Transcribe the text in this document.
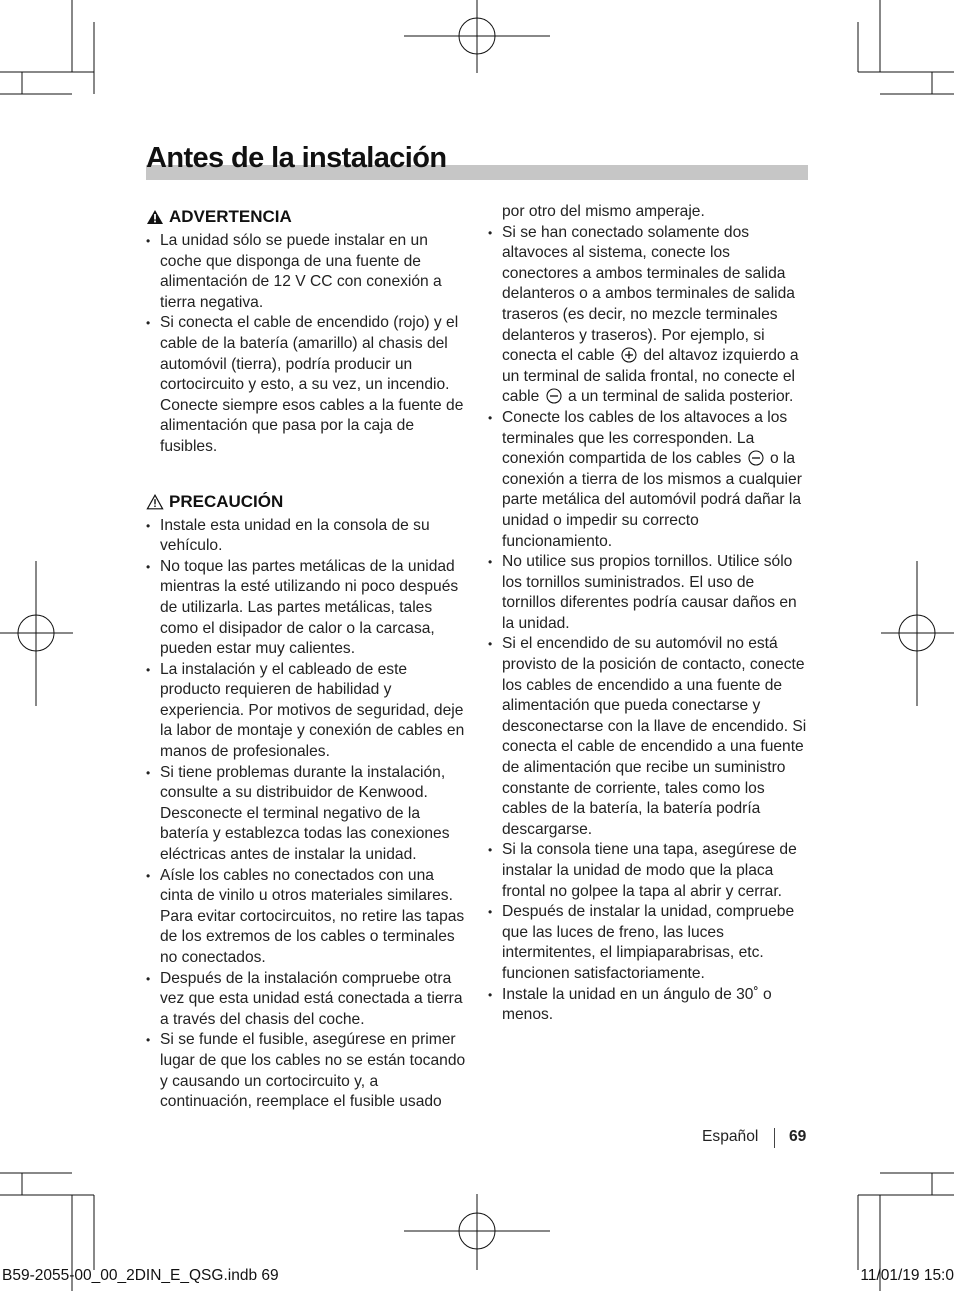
Antes de la instalación
ADVERTENCIA
• La unidad sólo se puede instalar en un coche que disponga de una fuente de alimentación de 12 V CC con conexión a tierra negativa.
• Si conecta el cable de encendido (rojo) y el cable de la batería (amarillo) al chasis del automóvil (tierra), podría producir un cortocircuito y esto, a su vez, un incendio. Conecte siempre esos cables a la fuente de alimentación que pasa por la caja de fusibles.
PRECAUCIÓN
• Instale esta unidad en la consola de su vehículo.
• No toque las partes metálicas de la unidad mientras la esté utilizando ni poco después de utilizarla. Las partes metálicas, tales como el disipador de calor o la carcasa, pueden estar muy calientes.
• La instalación y el cableado de este producto requieren de habilidad y experiencia. Por motivos de seguridad, deje la labor de montaje y conexión de cables en manos de profesionales.
• Si tiene problemas durante la instalación, consulte a su distribuidor de Kenwood. Desconecte el terminal negativo de la batería y establezca todas las conexiones eléctricas antes de instalar la unidad.
• Aísle los cables no conectados con una cinta de vinilo u otros materiales similares. Para evitar cortocircuitos, no retire las tapas de los extremos de los cables o terminales no conectados.
• Después de la instalación compruebe otra vez que esta unidad está conectada a tierra a través del chasis del coche.
• Si se funde el fusible, asegúrese en primer lugar de que los cables no se están tocando y causando un cortocircuito y, a continuación, reemplace el fusible usado
por otro del mismo amperaje.
• Si se han conectado solamente dos altavoces al sistema, conecte los conectores a ambos terminales de salida delanteros o a ambos terminales de salida traseros (es decir, no mezcle terminales delanteros y traseros). Por ejemplo, si conecta el cable del altavoz izquierdo a un terminal de salida frontal, no conecte el cable a un terminal de salida posterior.
• Conecte los cables de los altavoces a los terminales que les corresponden. La conexión compartida de los cables o la conexión a tierra de los mismos a cualquier parte metálica del automóvil podrá dañar la unidad o impedir su correcto funcionamiento.
• No utilice sus propios tornillos. Utilice sólo los tornillos suministrados. El uso de tornillos diferentes podría causar daños en la unidad.
• Si el encendido de su automóvil no está provisto de la posición de contacto, conecte los cables de encendido a una fuente de alimentación que pueda conectarse y desconectarse con la llave de encendido. Si conecta el cable de encendido a una fuente de alimentación que recibe un suministro constante de corriente, tales como los cables de la batería, la batería podría descargarse.
• Si la consola tiene una tapa, asegúrese de instalar la unidad de modo que la placa frontal no golpee la tapa al abrir y cerrar.
• Después de instalar la unidad, compruebe que las luces de freno, las luces intermitentes, el limpiaparabrisas, etc. funcionen satisfactoriamente.
• Instale la unidad en un ángulo de 30˚ o menos.
Español 69
B59-2055-00_00_2DIN_E_QSG.indb 69	11/01/19 15:0
